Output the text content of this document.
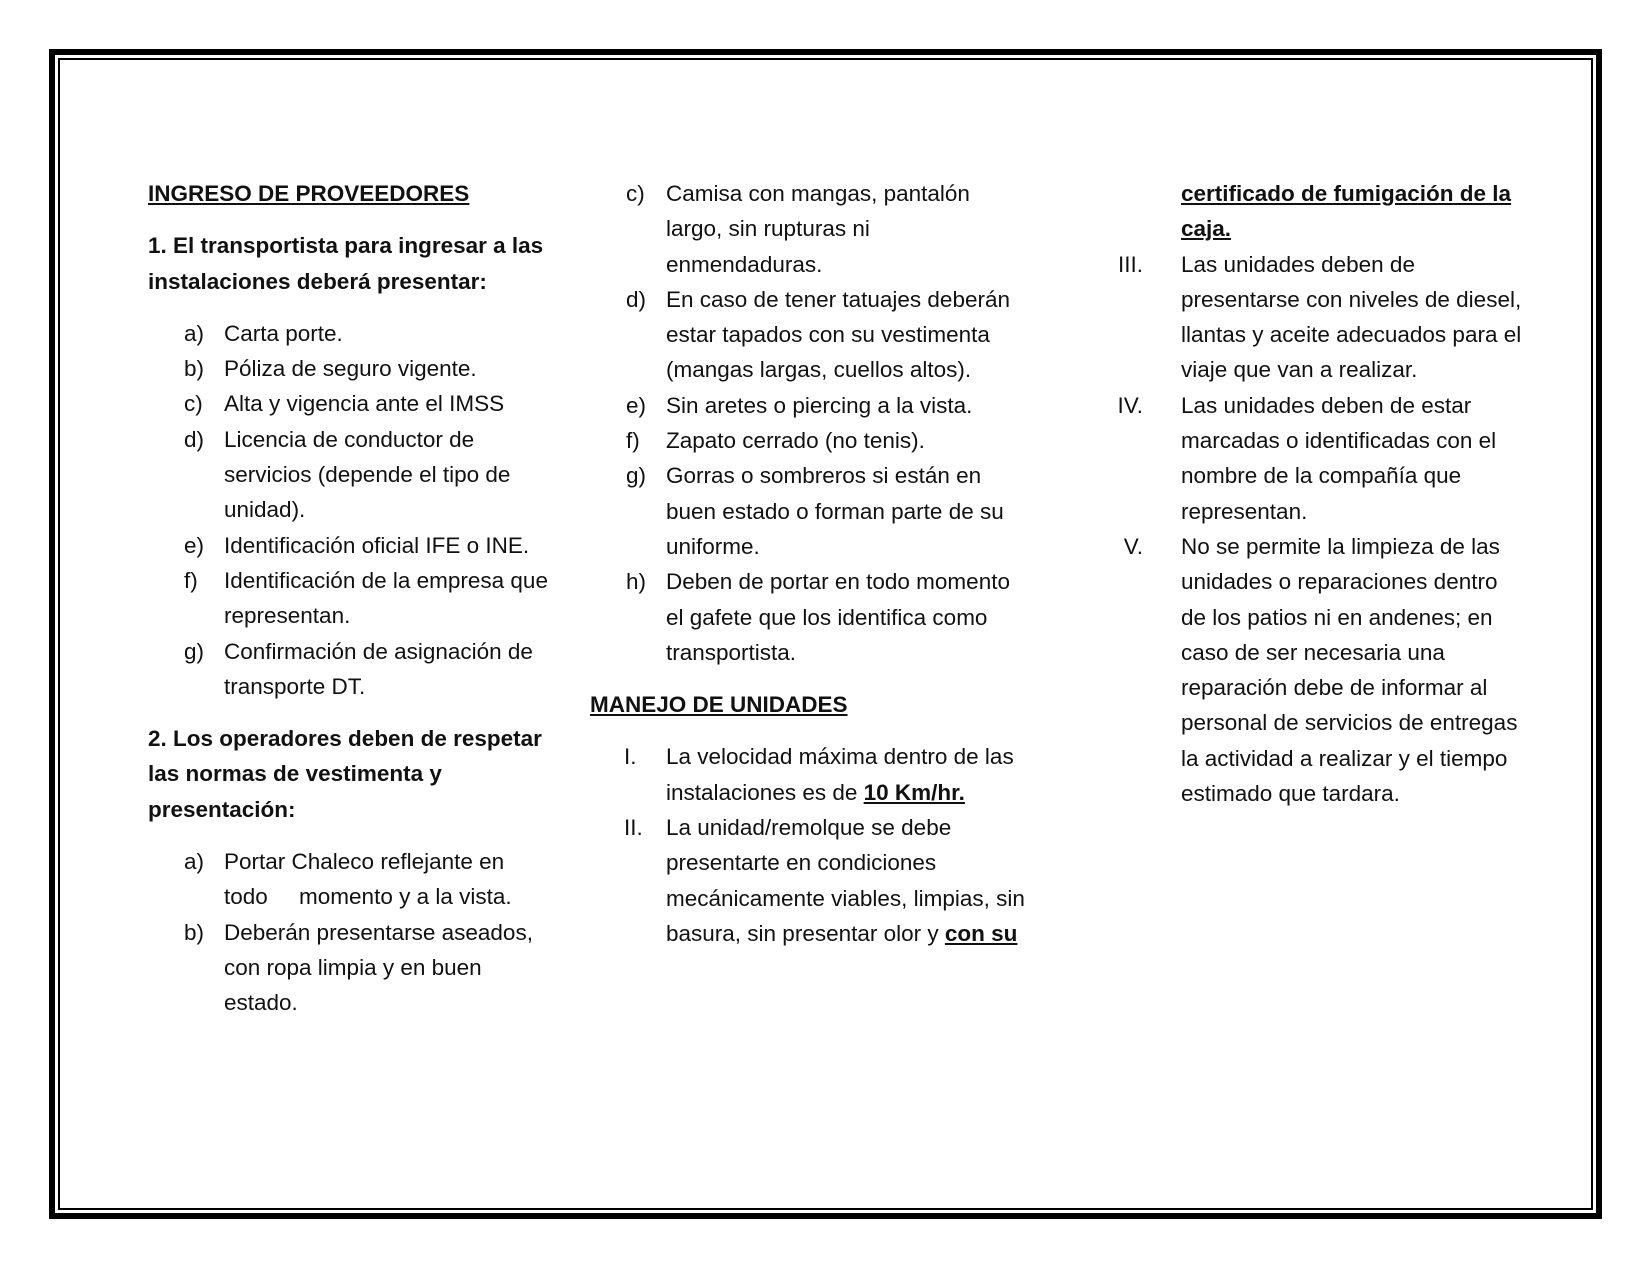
INGRESO DE PROVEEDORES

1. El transportista para ingresar a las instalaciones deberá presentar:

a) Carta porte.
b) Póliza de seguro vigente.
c) Alta y vigencia ante el IMSS
d) Licencia de conductor de servicios (depende el tipo de unidad).
e) Identificación oficial IFE o INE.
f) Identificación de la empresa que representan.
g) Confirmación de asignación de transporte DT.

2. Los operadores deben de respetar las normas de vestimenta y presentación:

a) Portar Chaleco reflejante en todo     momento y a la vista.
b) Deberán presentarse aseados, con ropa limpia y en buen estado.
c) Camisa con mangas, pantalón largo, sin rupturas ni enmendaduras.
d) En caso de tener tatuajes deberán estar tapados con su vestimenta (mangas largas, cuellos altos).
e) Sin aretes o piercing a la vista.
f) Zapato cerrado (no tenis).
g) Gorras o sombreros si están en buen estado o forman parte de su uniforme.
h) Deben de portar en todo momento el gafete que los identifica como transportista.

MANEJO DE UNIDADES

I. La velocidad máxima dentro de las instalaciones es de 10 Km/hr.
II. La unidad/remolque se debe presentarte en condiciones mecánicamente viables, limpias, sin basura, sin presentar olor y con su

certificado de fumigación de la caja.

III. Las unidades deben de presentarse con niveles de diesel, llantas y aceite adecuados para el viaje que van a realizar.
IV. Las unidades deben de estar marcadas o identificadas con el nombre de la compañía que representan.
V. No se permite la limpieza de las unidades o reparaciones dentro de los patios ni en andenes; en caso de ser necesaria una reparación debe de informar al personal de servicios de entregas la actividad a realizar y el tiempo estimado que tardara.
